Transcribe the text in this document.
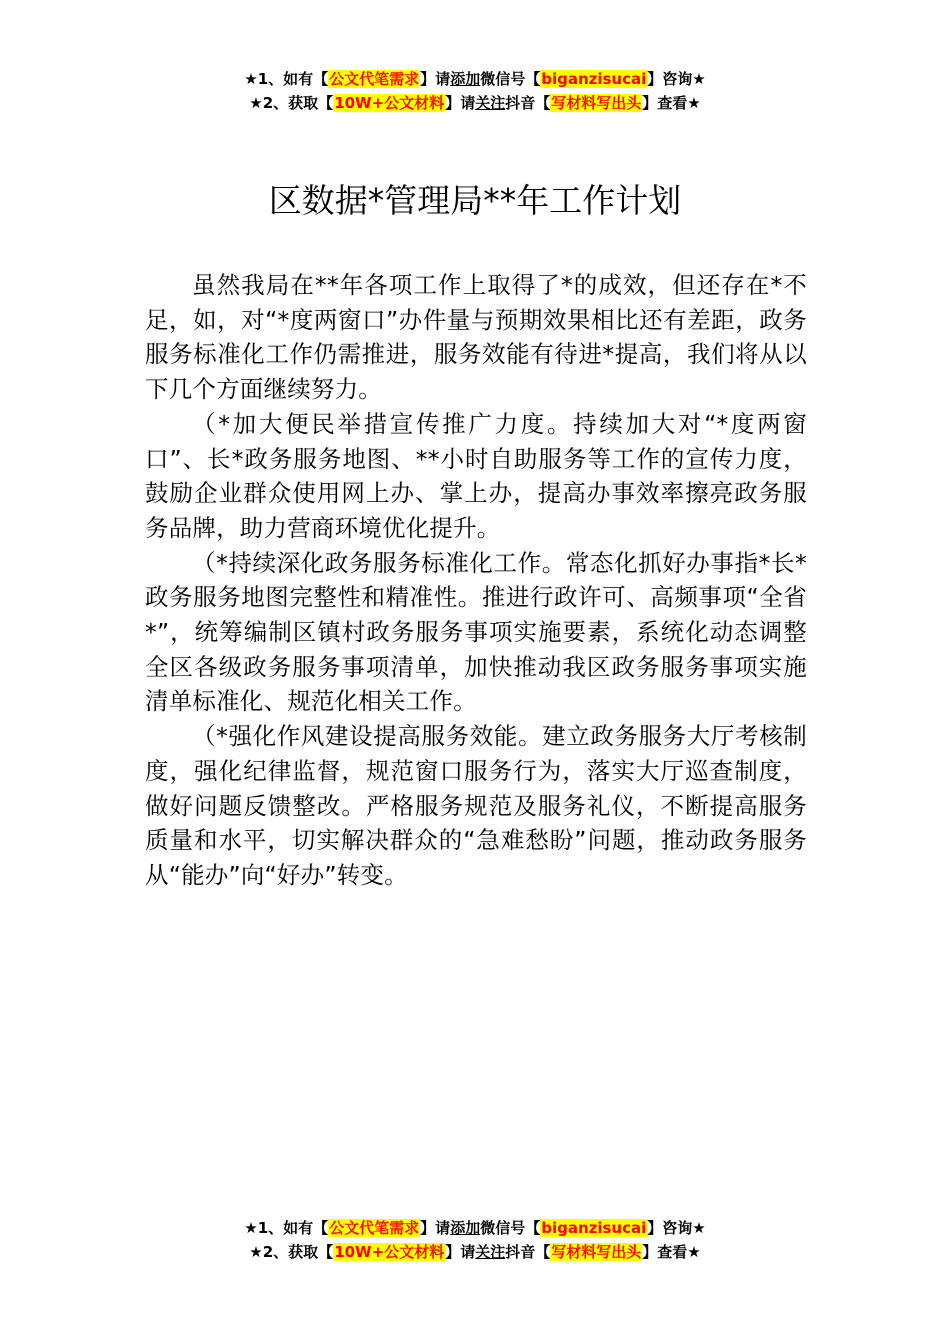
★1、如有【公文代笔需求】请添加微信号【biganzisucai】咨询★
★2、获取【10W+公文材料】请关注抖音【写材料写出头】查看★
区数据*管理局**年工作计划

虽然我局在**年各项工作上取得了*的成效，但还存在*不足，如，对“*度两窗口”办件量与预期效果相比还有差距，政务服务标准化工作仍需推进，服务效能有待进*提高，我们将从以下几个方面继续努力。

（*加大便民举措宣传推广力度。持续加大对“*度两窗口”、长*政务服务地图、**小时自助服务等工作的宣传力度，鼓励企业群众使用网上办、掌上办，提高办事效率擦亮政务服务品牌，助力营商环境优化提升。

（*持续深化政务服务标准化工作。常态化抓好办事指*长*政务服务地图完整性和精准性。推进行政许可、高频事项“全省*”，统筹编制区镇村政务服务事项实施要素，系统化动态调整全区各级政务服务事项清单，加快推动我区政务服务事项实施清单标准化、规范化相关工作。

（*强化作风建设提高服务效能。建立政务服务大厅考核制度，强化纪律监督，规范窗口服务行为，落实大厅巡查制度，做好问题反馈整改。严格服务规范及服务礼仪，不断提高服务质量和水平，切实解决群众的“急难愁盼”问题，推动政务服务从“能办”向“好办”转变。

★1、如有【公文代笔需求】请添加微信号【biganzisucai】咨询★
★2、获取【10W+公文材料】请关注抖音【写材料写出头】查看★
